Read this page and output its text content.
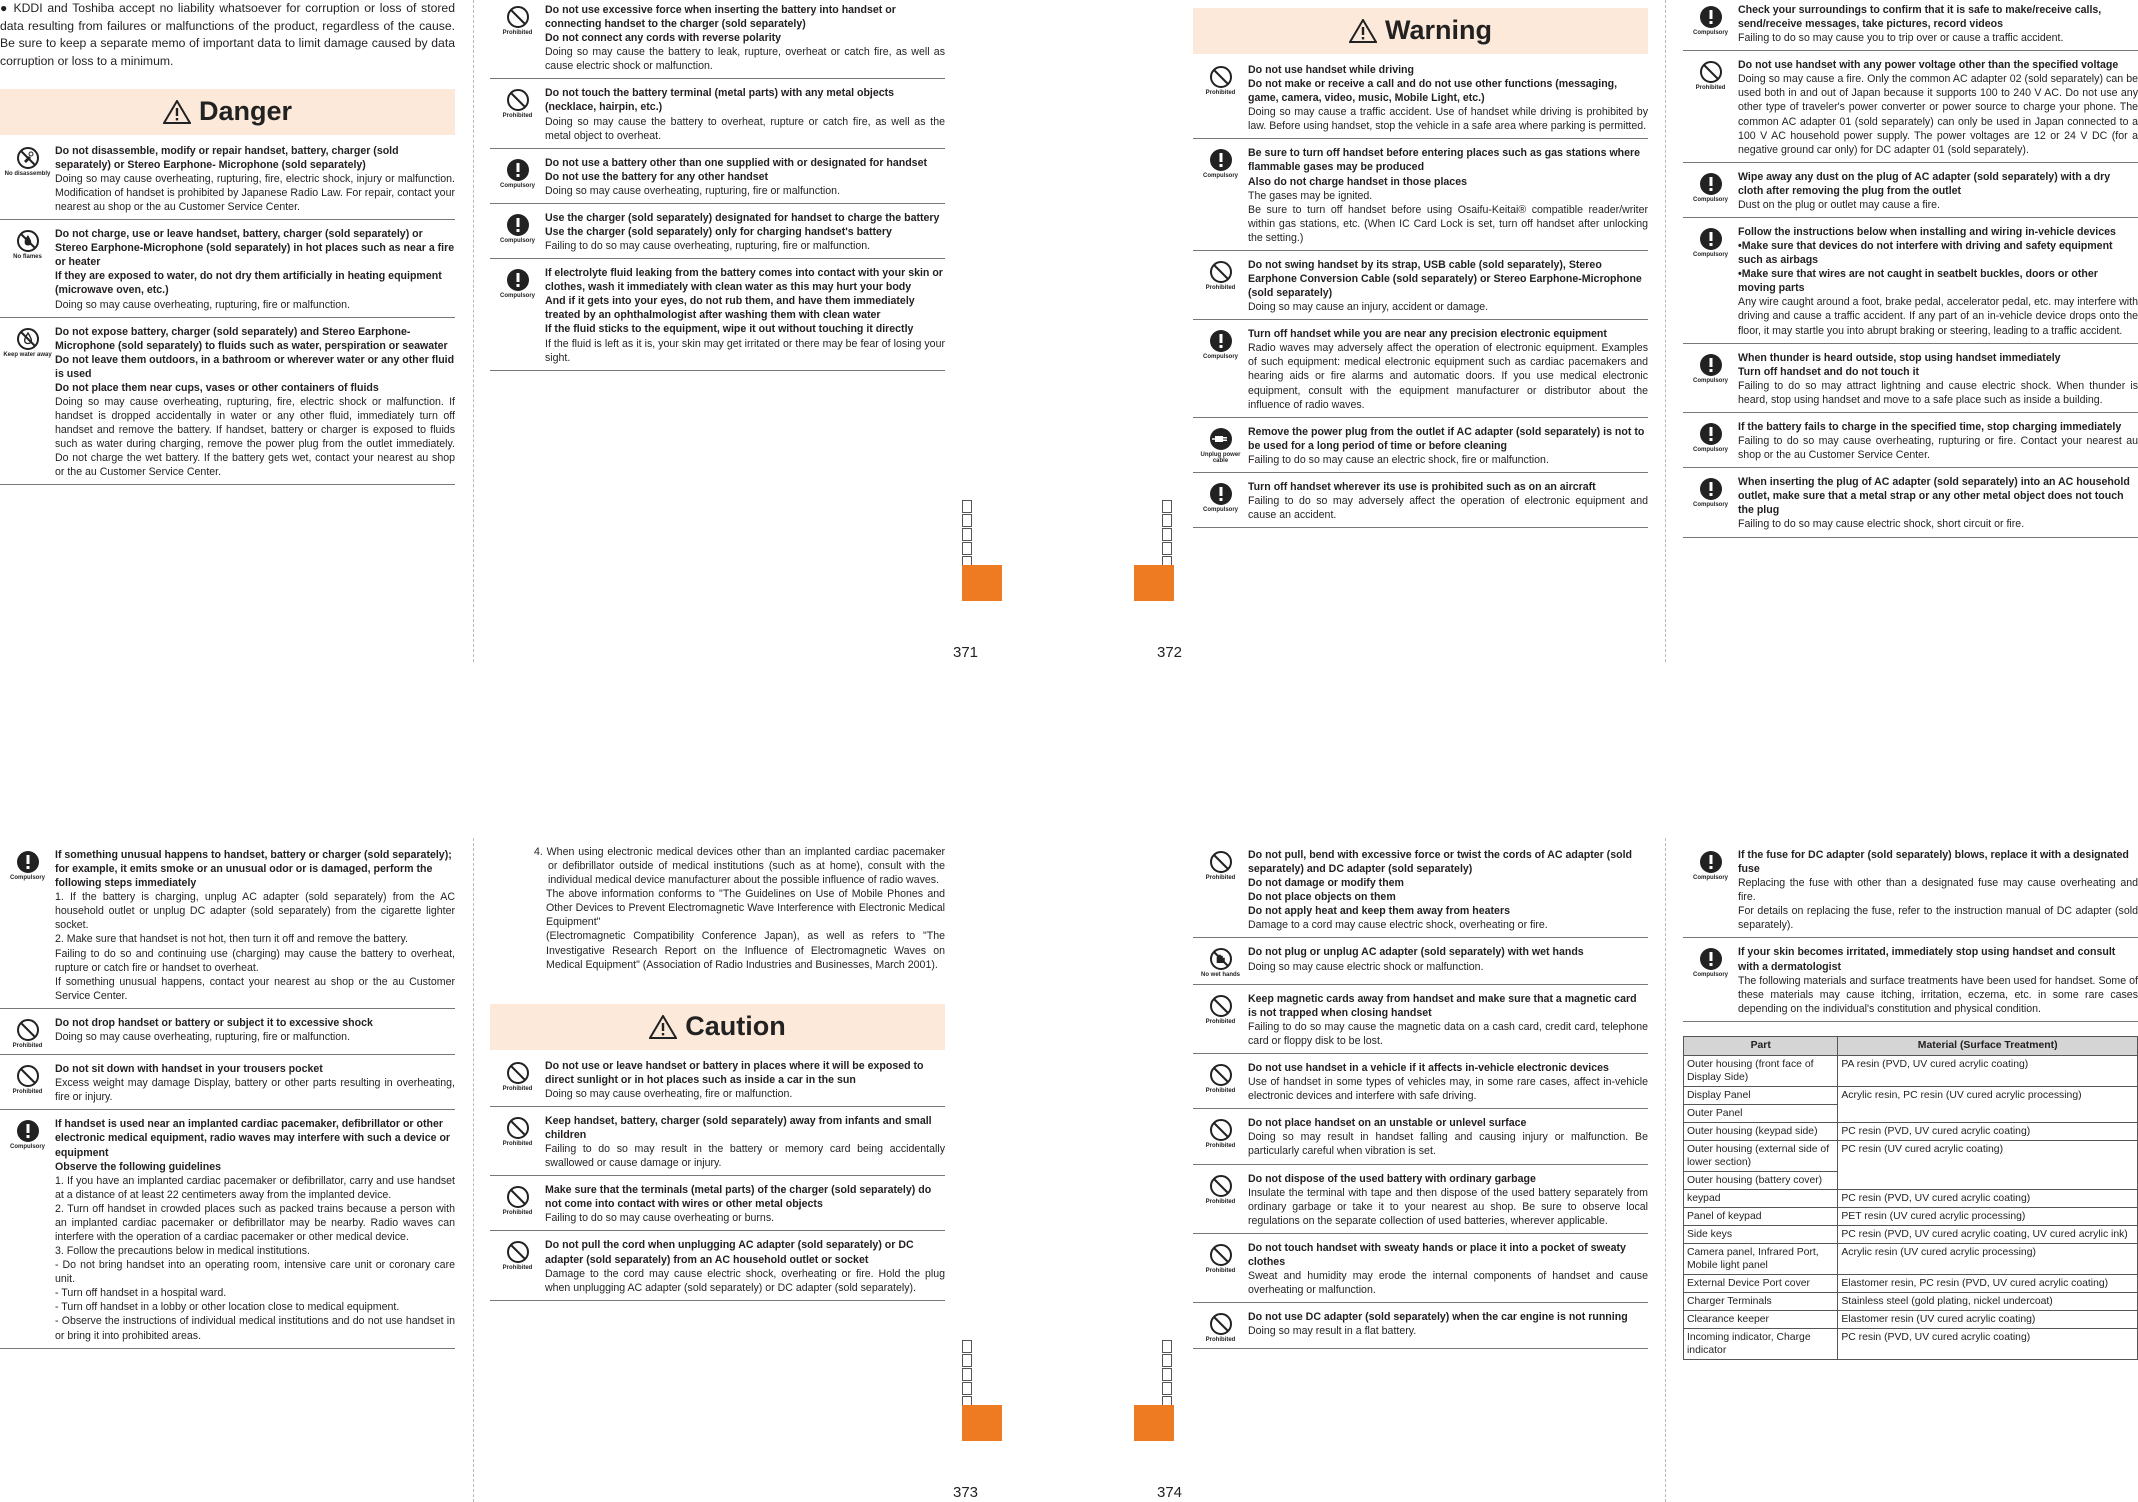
● KDDI and Toshiba accept no liability whatsoever for corruption or loss of stored data resulting from failures or malfunctions of the product, regardless of the cause. Be sure to keep a separate memo of important data to limit damage caused by data corruption or loss to a minimum.
Danger
No disassembly
Do not disassemble, modify or repair handset, battery, charger (sold separately) or Stereo Earphone- Microphone (sold separately)
Doing so may cause overheating, rupturing, fire, electric shock, injury or malfunction. Modification of handset is prohibited by Japanese Radio Law. For repair, contact your nearest au shop or the au Customer Service Center.
No flames
Do not charge, use or leave handset, battery, charger (sold separately) or Stereo Earphone-Microphone (sold separately) in hot places such as near a fire or heater
If they are exposed to water, do not dry them artificially in heating equipment (microwave oven, etc.)
Doing so may cause overheating, rupturing, fire or malfunction.
Keep water away
Do not expose battery, charger (sold separately) and Stereo Earphone-Microphone (sold separately) to fluids such as water, perspiration or seawater
Do not leave them outdoors, in a bathroom or wherever water or any other fluid is used
Do not place them near cups, vases or other containers of fluids
Doing so may cause overheating, rupturing, fire, electric shock or malfunction. If handset is dropped accidentally in water or any other fluid, immediately turn off handset and remove the battery. If handset, battery or charger is exposed to fluids such as water during charging, remove the power plug from the outlet immediately. Do not charge the wet battery. If the battery gets wet, contact your nearest au shop or the au Customer Service Center.
Prohibited
Do not use excessive force when inserting the battery into handset or connecting handset to the charger (sold separately)
Do not connect any cords with reverse polarity
Doing so may cause the battery to leak, rupture, overheat or catch fire, as well as cause electric shock or malfunction.
Prohibited
Do not touch the battery terminal (metal parts) with any metal objects (necklace, hairpin, etc.)
Doing so may cause the battery to overheat, rupture or catch fire, as well as the metal object to overheat.
Compulsory
Do not use a battery other than one supplied with or designated for handset
Do not use the battery for any other handset
Doing so may cause overheating, rupturing, fire or malfunction.
Compulsory
Use the charger (sold separately) designated for handset to charge the battery
Use the charger (sold separately) only for charging handset's battery
Failing to do so may cause overheating, rupturing, fire or malfunction.
Compulsory
If electrolyte fluid leaking from the battery comes into contact with your skin or clothes, wash it immediately with clean water as this may hurt your body
And if it gets into your eyes, do not rub them, and have them immediately treated by an ophthalmologist after washing them with clean water
If the fluid sticks to the equipment, wipe it out without touching it directly
If the fluid is left as it is, your skin may get irritated or there may be fear of losing your sight.
371	372
Warning
Prohibited
Do not use handset while driving
Do not make or receive a call and do not use other functions (messaging, game, camera, video, music, Mobile Light, etc.)
Doing so may cause a traffic accident. Use of handset while driving is prohibited by law. Before using handset, stop the vehicle in a safe area where parking is permitted.
Compulsory
Be sure to turn off handset before entering places such as gas stations where flammable gases may be produced
Also do not charge handset in those places
The gases may be ignited.
Be sure to turn off handset before using Osaifu-Keitai® compatible reader/writer within gas stations, etc. (When IC Card Lock is set, turn off handset after unlocking the setting.)
Prohibited
Do not swing handset by its strap, USB cable (sold separately), Stereo Earphone Conversion Cable (sold separately) or Stereo Earphone-Microphone (sold separately)
Doing so may cause an injury, accident or damage.
Compulsory
Turn off handset while you are near any precision electronic equipment
Radio waves may adversely affect the operation of electronic equipment. Examples of such equipment: medical electronic equipment such as cardiac pacemakers and hearing aids or fire alarms and automatic doors. If you use medical electronic equipment, consult with the equipment manufacturer or distributor about the influence of radio waves.
Unplug power cable
Remove the power plug from the outlet if AC adapter (sold separately) is not to be used for a long period of time or before cleaning
Failing to do so may cause an electric shock, fire or malfunction.
Compulsory
Turn off handset wherever its use is prohibited such as on an aircraft
Failing to do so may adversely affect the operation of electronic equipment and cause an accident.
Compulsory
Check your surroundings to confirm that it is safe to make/receive calls, send/receive messages, take pictures, record videos
Failing to do so may cause you to trip over or cause a traffic accident.
Prohibited
Do not use handset with any power voltage other than the specified voltage
Doing so may cause a fire. Only the common AC adapter 02 (sold separately) can be used both in and out of Japan because it supports 100 to 240 V AC. Do not use any other type of traveler's power converter or power source to charge your phone. The common AC adapter 01 (sold separately) can only be used in Japan connected to a 100 V AC household power supply. The power voltages are 12 or 24 V DC (for a negative ground car only) for DC adapter 01 (sold separately).
Compulsory
Wipe away any dust on the plug of AC adapter (sold separately) with a dry cloth after removing the plug from the outlet
Dust on the plug or outlet may cause a fire.
Compulsory
Follow the instructions below when installing and wiring in-vehicle devices
•Make sure that devices do not interfere with driving and safety equipment such as airbags
•Make sure that wires are not caught in seatbelt buckles, doors or other moving parts
Any wire caught around a foot, brake pedal, accelerator pedal, etc. may interfere with driving and cause a traffic accident. If any part of an in-vehicle device drops onto the floor, it may startle you into abrupt braking or steering, leading to a traffic accident.
Compulsory
When thunder is heard outside, stop using handset immediately
Turn off handset and do not touch it
Failing to do so may attract lightning and cause electric shock. When thunder is heard, stop using handset and move to a safe place such as inside a building.
Compulsory
If the battery fails to charge in the specified time, stop charging immediately
Failing to do so may cause overheating, rupturing or fire. Contact your nearest au shop or the au Customer Service Center.
Compulsory
When inserting the plug of AC adapter (sold separately) into an AC household outlet, make sure that a metal strap or any other metal object does not touch the plug
Failing to do so may cause electric shock, short circuit or fire.
Compulsory
If something unusual happens to handset, battery or charger (sold separately); for example, it emits smoke or an unusual odor or is damaged, perform the following steps immediately
1. If the battery is charging, unplug AC adapter (sold separately) from the AC household outlet or unplug DC adapter (sold separately) from the cigarette lighter socket.
2. Make sure that handset is not hot, then turn it off and remove the battery.
Failing to do so and continuing use (charging) may cause the battery to overheat, rupture or catch fire or handset to overheat.
If something unusual happens, contact your nearest au shop or the au Customer Service Center.
Prohibited
Do not drop handset or battery or subject it to excessive shock
Doing so may cause overheating, rupturing, fire or malfunction.
Prohibited
Do not sit down with handset in your trousers pocket
Excess weight may damage Display, battery or other parts resulting in overheating, fire or injury.
Compulsory
If handset is used near an implanted cardiac pacemaker, defibrillator or other electronic medical equipment, radio waves may interfere with such a device or equipment
Observe the following guidelines
1. If you have an implanted cardiac pacemaker or defibrillator, carry and use handset at a distance of at least 22 centimeters away from the implanted device.
2. Turn off handset in crowded places such as packed trains because a person with an implanted cardiac pacemaker or defibrillator may be nearby. Radio waves can interfere with the operation of a cardiac pacemaker or other medical device.
3. Follow the precautions below in medical institutions.
- Do not bring handset into an operating room, intensive care unit or coronary care unit.
- Turn off handset in a hospital ward.
- Turn off handset in a lobby or other location close to medical equipment.
- Observe the instructions of individual medical institutions and do not use handset in or bring it into prohibited areas.
4. When using electronic medical devices other than an implanted cardiac pacemaker or defibrillator outside of medical institutions (such as at home), consult with the individual medical device manufacturer about the possible influence of radio waves.
The above information conforms to "The Guidelines on Use of Mobile Phones and Other Devices to Prevent Electromagnetic Wave Interference with Electronic Medical Equipment"
(Electromagnetic Compatibility Conference Japan), as well as refers to "The Investigative Research Report on the Influence of Electromagnetic Waves on Medical Equipment" (Association of Radio Industries and Businesses, March 2001).
Caution
Prohibited
Do not use or leave handset or battery in places where it will be exposed to direct sunlight or in hot places such as inside a car in the sun
Doing so may cause overheating, fire or malfunction.
Prohibited
Keep handset, battery, charger (sold separately) away from infants and small children
Failing to do so may result in the battery or memory card being accidentally swallowed or cause damage or injury.
Prohibited
Make sure that the terminals (metal parts) of the charger (sold separately) do not come into contact with wires or other metal objects
Failing to do so may cause overheating or burns.
Prohibited
Do not pull the cord when unplugging AC adapter (sold separately) or DC adapter (sold separately) from an AC household outlet or socket
Damage to the cord may cause electric shock, overheating or fire. Hold the plug when unplugging AC adapter (sold separately) or DC adapter (sold separately).
373	374
Prohibited
Do not pull, bend with excessive force or twist the cords of AC adapter (sold separately) and DC adapter (sold separately)
Do not damage or modify them
Do not place objects on them
Do not apply heat and keep them away from heaters
Damage to a cord may cause electric shock, overheating or fire.
No wet hands
Do not plug or unplug AC adapter (sold separately) with wet hands
Doing so may cause electric shock or malfunction.
Prohibited
Keep magnetic cards away from handset and make sure that a magnetic card is not trapped when closing handset
Failing to do so may cause the magnetic data on a cash card, credit card, telephone card or floppy disk to be lost.
Prohibited
Do not use handset in a vehicle if it affects in-vehicle electronic devices
Use of handset in some types of vehicles may, in some rare cases, affect in-vehicle electronic devices and interfere with safe driving.
Prohibited
Do not place handset on an unstable or unlevel surface
Doing so may result in handset falling and causing injury or malfunction. Be particularly careful when vibration is set.
Prohibited
Do not dispose of the used battery with ordinary garbage
Insulate the terminal with tape and then dispose of the used battery separately from ordinary garbage or take it to your nearest au shop. Be sure to observe local regulations on the separate collection of used batteries, wherever applicable.
Prohibited
Do not touch handset with sweaty hands or place it into a pocket of sweaty clothes
Sweat and humidity may erode the internal components of handset and cause overheating or malfunction.
Prohibited
Do not use DC adapter (sold separately) when the car engine is not running
Doing so may result in a flat battery.
Compulsory
If the fuse for DC adapter (sold separately) blows, replace it with a designated fuse
Replacing the fuse with other than a designated fuse may cause overheating and fire.
For details on replacing the fuse, refer to the instruction manual of DC adapter (sold separately).
Compulsory
If your skin becomes irritated, immediately stop using handset and consult with a dermatologist
The following materials and surface treatments have been used for handset. Some of these materials may cause itching, irritation, eczema, etc. in some rare cases depending on the individual's constitution and physical condition.
Part	Material (Surface Treatment)
Outer housing (front face of Display Side)	PA resin (PVD, UV cured acrylic coating)
Display Panel	Acrylic resin, PC resin (UV cured acrylic processing)
Outer Panel	
Outer housing (keypad side)	PC resin (PVD, UV cured acrylic coating)
Outer housing (external side of lower section)	PC resin (UV cured acrylic coating)
Outer housing (battery cover)	
keypad	PC resin (PVD, UV cured acrylic coating)
Panel of keypad	PET resin (UV cured acrylic processing)
Side keys	PC resin (PVD, UV cured acrylic coating, UV cured acrylic ink)
Camera panel, Infrared Port, Mobile light panel	Acrylic resin (UV cured acrylic processing)
External Device Port cover	Elastomer resin, PC resin (PVD, UV cured acrylic coating)
Charger Terminals	Stainless steel (gold plating, nickel undercoat)
Clearance keeper	Elastomer resin (UV cured acrylic coating)
Incoming indicator, Charge indicator	PC resin (PVD, UV cured acrylic coating)
